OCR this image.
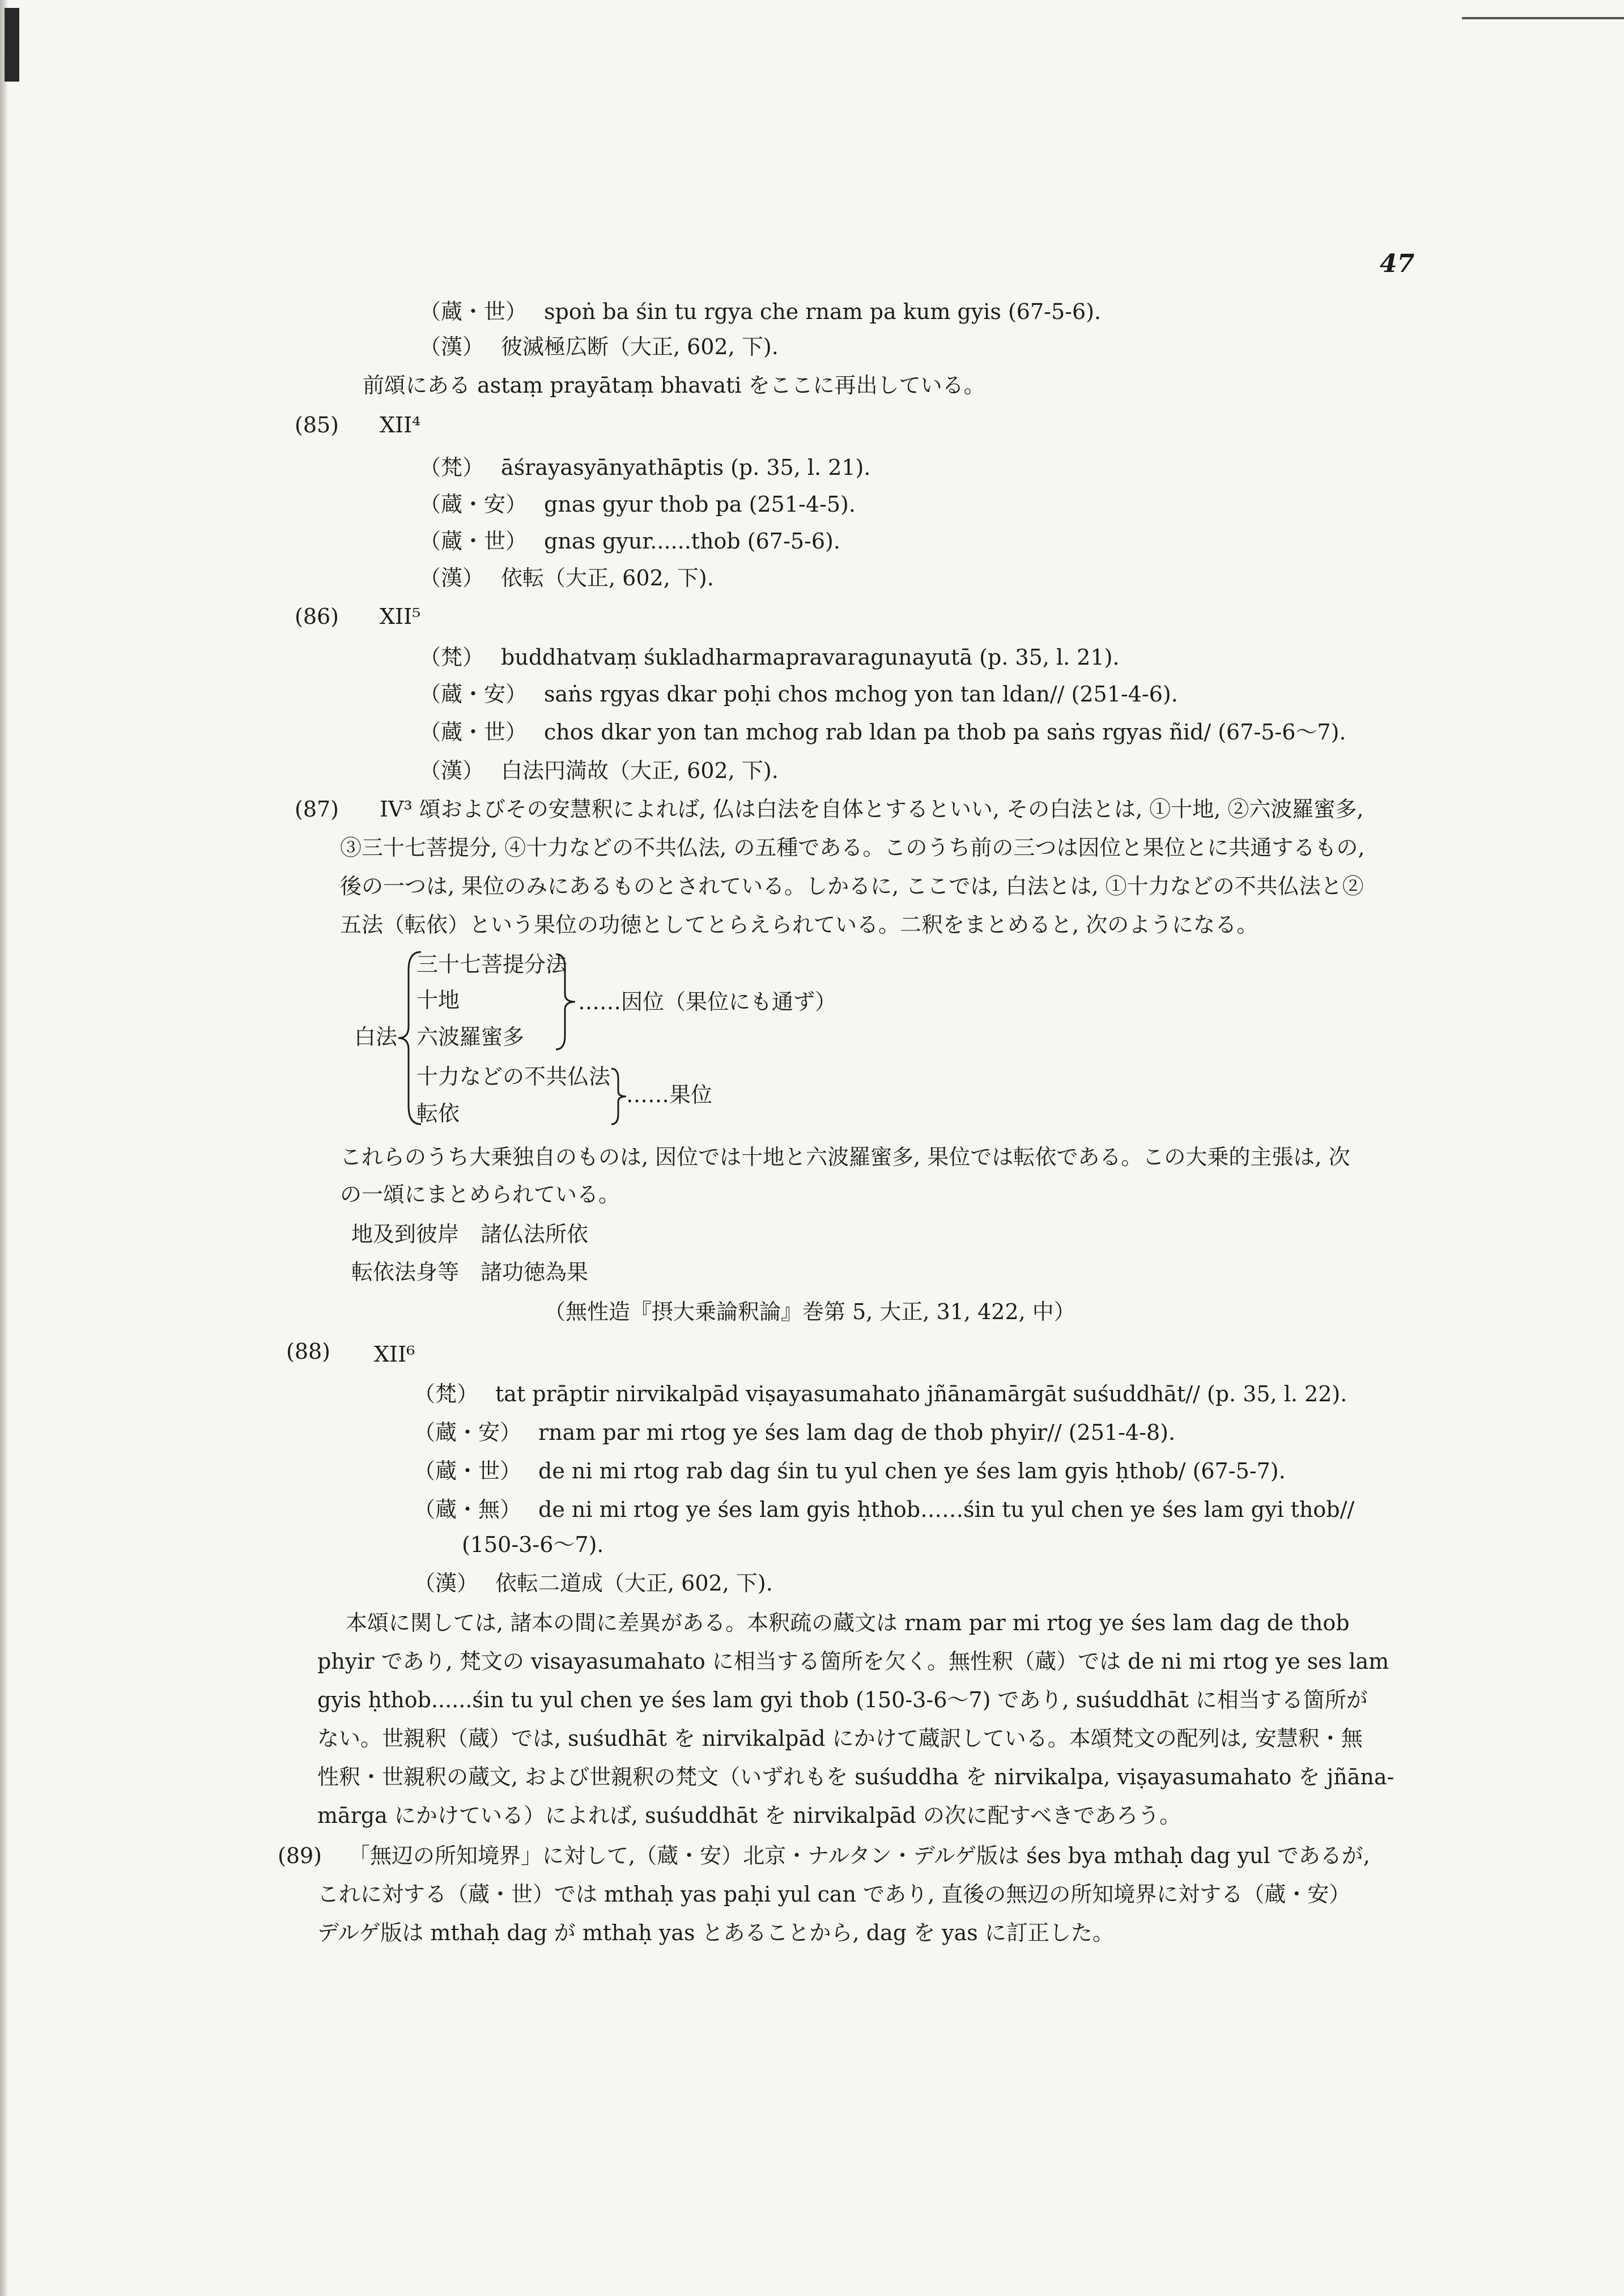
47
（蔵・世） spoṅ ba śin tu rgya che rnam pa kum gyis (67-5-6).
（漢） 彼滅極広断（大正, 602, 下).
前頌にある astaṃ prayātaṃ bhavati をここに再出している。
(85) XII⁴
（梵） āśrayasyānyathāptis (p. 35, l. 21).
（蔵・安） gnas gyur thob pa (251-4-5).
（蔵・世） gnas gyur......thob (67-5-6).
（漢） 依転（大正, 602, 下).
(86) XII⁵
（梵） buddhatvaṃ śukladharmapravaragunayutā (p. 35, l. 21).
（蔵・安） saṅs rgyas dkar poḥi chos mchog yon tan ldan// (251-4-6).
（蔵・世） chos dkar yon tan mchog rab ldan pa thob pa saṅs rgyas ñid/ (67-5-6〜7).
（漢） 白法円満故（大正, 602, 下).
(87) IV³ 頌およびその安慧釈によれば, 仏は白法を自体とするといい, その白法とは, ①十地, ②六波羅蜜多,
③三十七菩提分, ④十力などの不共仏法, の五種である。このうち前の三つは因位と果位とに共通するもの,
後の一つは, 果位のみにあるものとされている。しかるに, ここでは, 白法とは, ①十力などの不共仏法と②
五法（転依）という果位の功徳としてとらえられている。二釈をまとめると, 次のようになる。
白法
三十七菩提分法
十地
六波羅蜜多
……因位（果位にも通ず）
十力などの不共仏法
転依
……果位
これらのうち大乗独自のものは, 因位では十地と六波羅蜜多, 果位では転依である。この大乗的主張は, 次
の一頌にまとめられている。
地及到彼岸　諸仏法所依
転依法身等　諸功徳為果
（無性造『摂大乗論釈論』巻第 5, 大正, 31, 422, 中）
(88) XII⁶
（梵） tat prāptir nirvikalpād viṣayasumahato jñānamārgāt suśuddhāt// (p. 35, l. 22).
（蔵・安） rnam par mi rtog ye śes lam dag de thob phyir// (251-4-8).
（蔵・世） de ni mi rtog rab dag śin tu yul chen ye śes lam gyis ḥthob/ (67-5-7).
（蔵・無） de ni mi rtog ye śes lam gyis ḥthob……śin tu yul chen ye śes lam gyi thob//
(150-3-6〜7).
（漢） 依転二道成（大正, 602, 下).
本頌に関しては, 諸本の間に差異がある。本釈疏の蔵文は rnam par mi rtog ye śes lam dag de thob
phyir であり, 梵文の visayasumahato に相当する箇所を欠く。無性釈（蔵）では de ni mi rtog ye ses lam
gyis ḥthob......śin tu yul chen ye śes lam gyi thob (150-3-6〜7) であり, suśuddhāt に相当する箇所が
ない。世親釈（蔵）では, suśudhāt を nirvikalpād にかけて蔵訳している。本頌梵文の配列は, 安慧釈・無
性釈・世親釈の蔵文, および世親釈の梵文（いずれもを suśuddha を nirvikalpa, viṣayasumahato を jñāna-
mārga にかけている）によれば, suśuddhāt を nirvikalpād の次に配すべきであろう。
(89) 「無辺の所知境界」に対して,（蔵・安）北京・ナルタン・デルゲ版は śes bya mthaḥ dag yul であるが,
これに対する（蔵・世）では mthaḥ yas paḥi yul can であり, 直後の無辺の所知境界に対する（蔵・安）
デルゲ版は mthaḥ dag が mthaḥ yas とあることから, dag を yas に訂正した。
